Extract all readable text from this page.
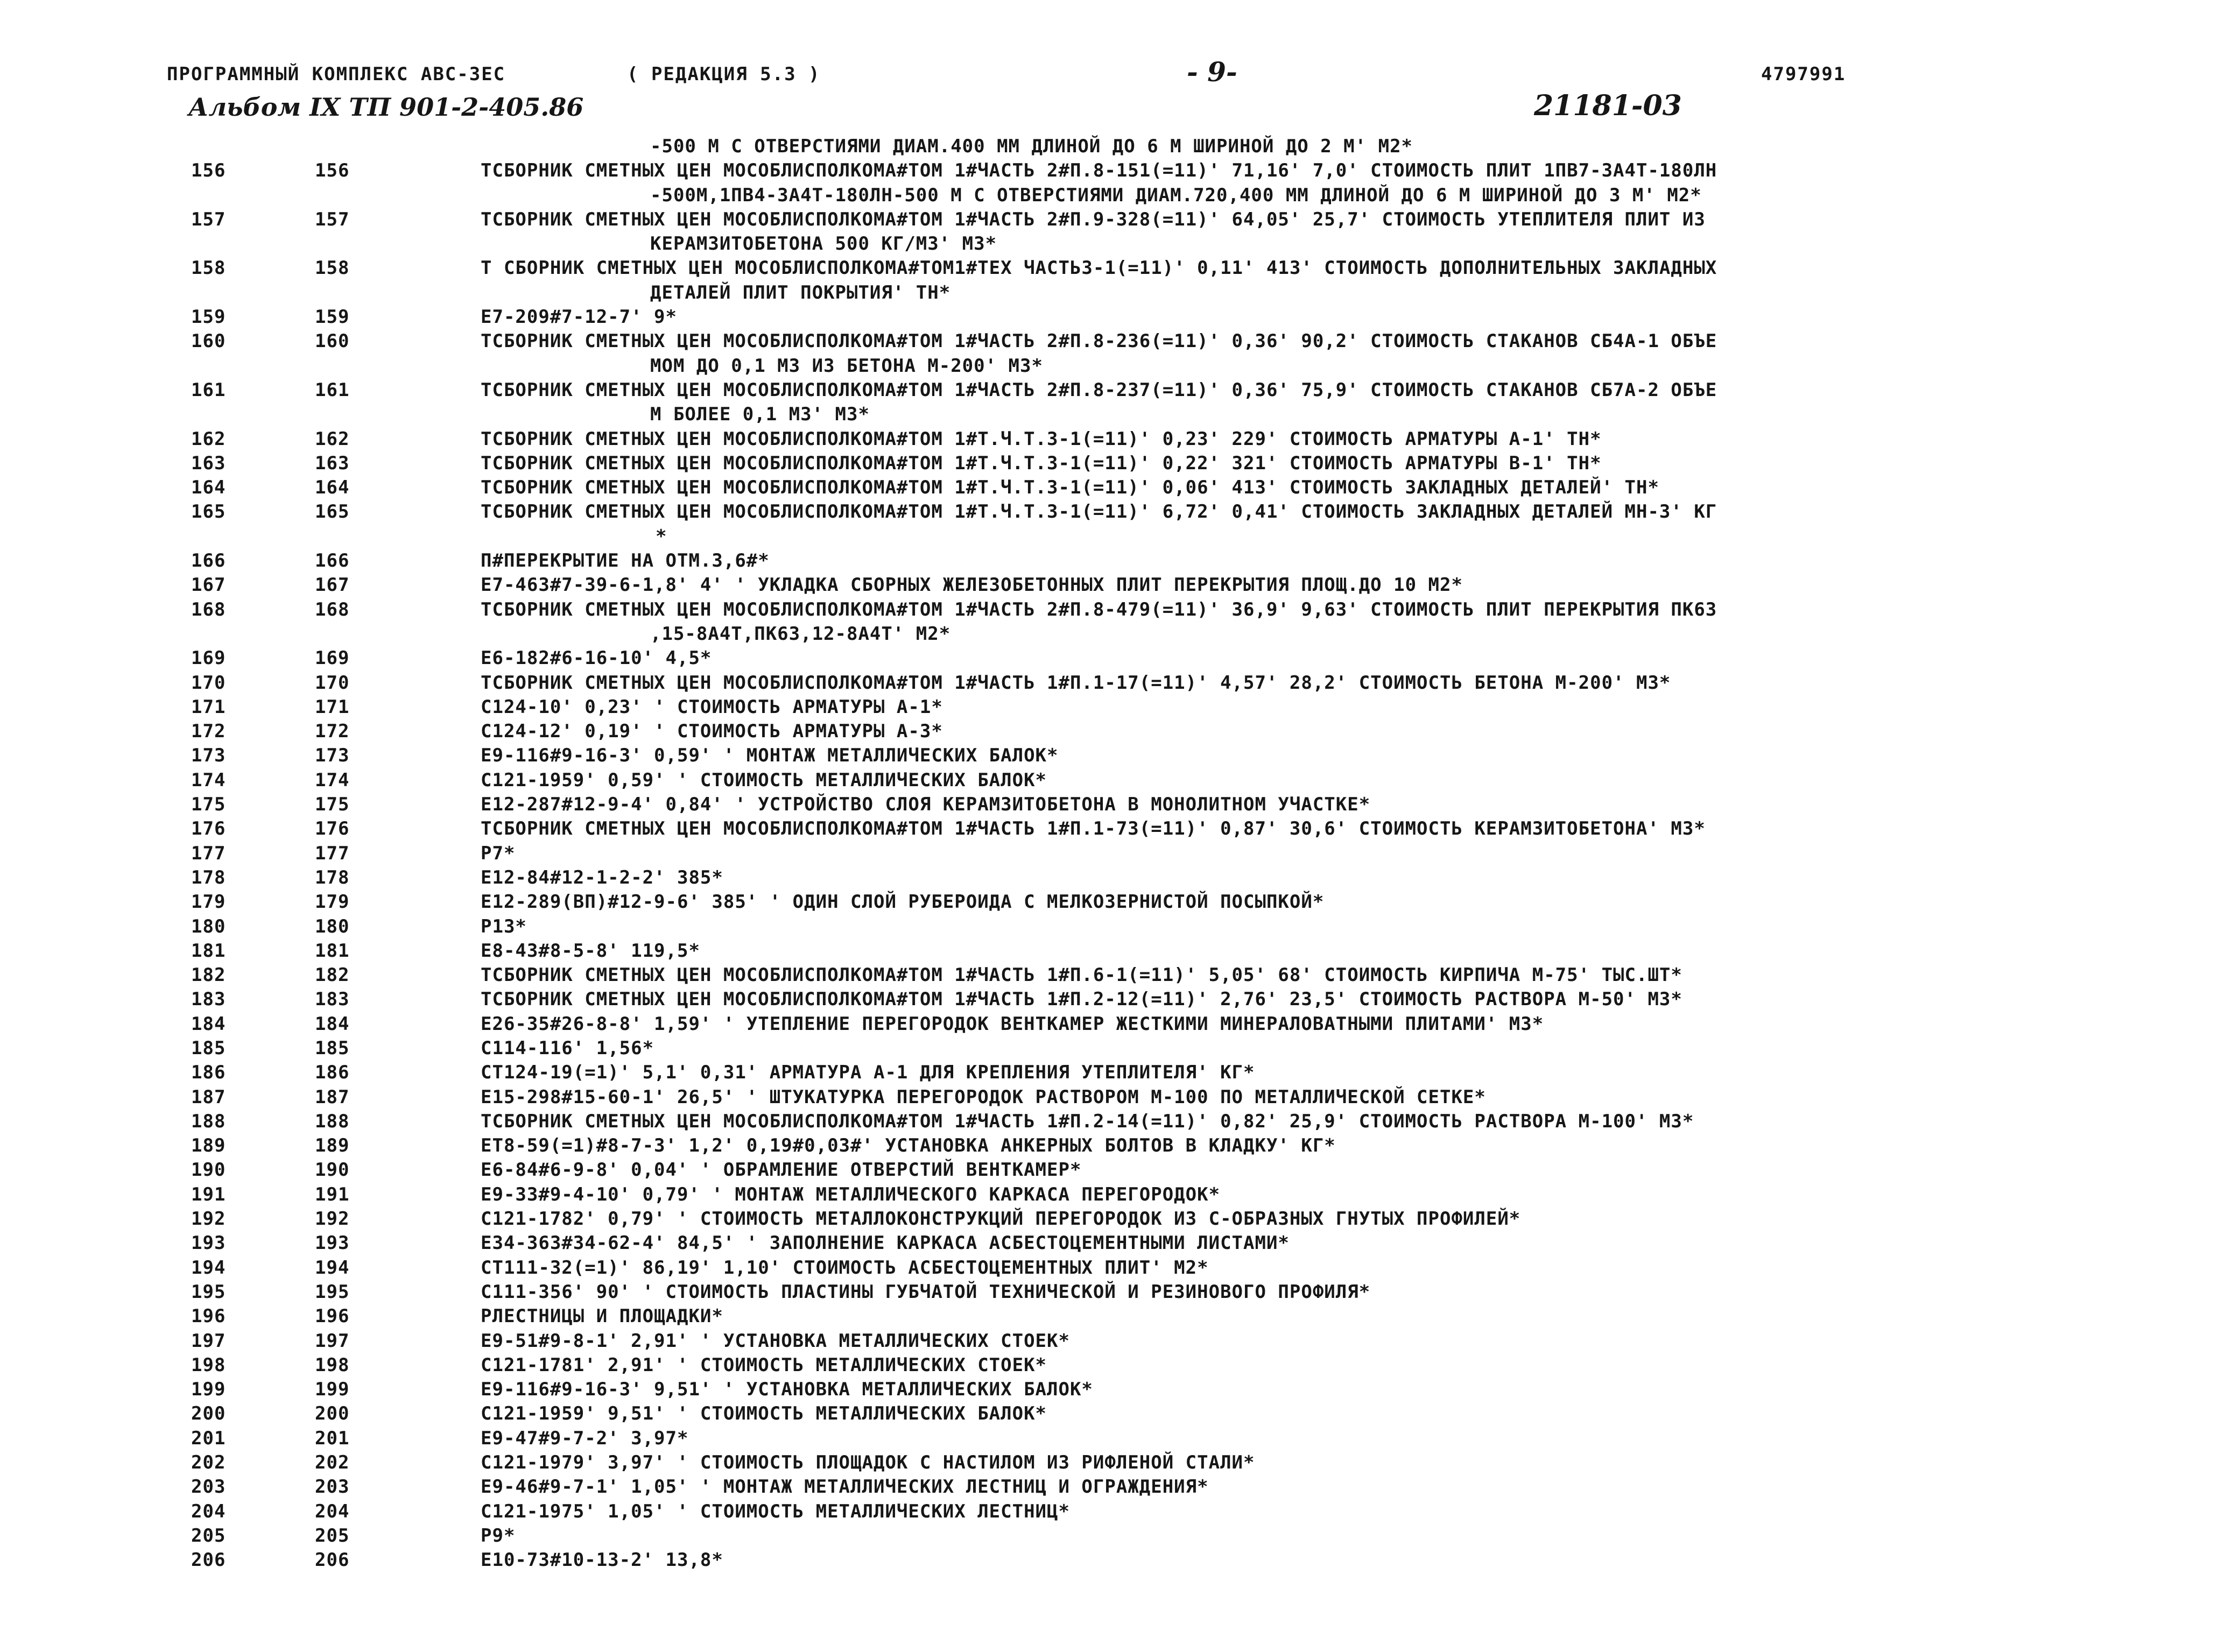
ПРОГРАММНЫЙ КОМПЛЕКС АВС-3ЕС	( РЕДАКЦИЯ 5.3 )	- 9-	4797991
Альбом IX ТП 901-2-405.86	21181-03
-500 М С ОТВЕРСТИЯМИ ДИАМ.400 ММ ДЛИНОЙ ДО 6 М ШИРИНОЙ ДО 2 М' М2*
156	156	ТСБОРНИК СМЕТНЫХ ЦЕН МОСОБЛИСПОЛКОМА#ТОМ 1#ЧАСТЬ 2#П.8-151(=11)' 71,16' 7,0' СТОИМОСТЬ ПЛИТ 1ПВ7-3А4Т-180ЛН
-500М,1ПВ4-3А4Т-180ЛН-500 М С ОТВЕРСТИЯМИ ДИАМ.720,400 ММ ДЛИНОЙ ДО 6 М ШИРИНОЙ ДО 3 М' М2*
157	157	ТСБОРНИК СМЕТНЫХ ЦЕН МОСОБЛИСПОЛКОМА#ТОМ 1#ЧАСТЬ 2#П.9-328(=11)' 64,05' 25,7' СТОИМОСТЬ УТЕПЛИТЕЛЯ ПЛИТ ИЗ
КЕРАМЗИТОБЕТОНА 500 КГ/М3' М3*
158	158	Т СБОРНИК СМЕТНЫХ ЦЕН МОСОБЛИСПОЛКОМА#ТОМ1#ТЕХ ЧАСТЬ3-1(=11)' 0,11' 413' СТОИМОСТЬ ДОПОЛНИТЕЛЬНЫХ ЗАКЛАДНЫХ
ДЕТАЛЕЙ ПЛИТ ПОКРЫТИЯ' ТН*
159	159	Е7-209#7-12-7' 9*
160	160	ТСБОРНИК СМЕТНЫХ ЦЕН МОСОБЛИСПОЛКОМА#ТОМ 1#ЧАСТЬ 2#П.8-236(=11)' 0,36' 90,2' СТОИМОСТЬ СТАКАНОВ СБ4А-1 ОБЪЕ
МОМ ДО 0,1 М3 ИЗ БЕТОНА М-200' М3*
161	161	ТСБОРНИК СМЕТНЫХ ЦЕН МОСОБЛИСПОЛКОМА#ТОМ 1#ЧАСТЬ 2#П.8-237(=11)' 0,36' 75,9' СТОИМОСТЬ СТАКАНОВ СБ7А-2 ОБЪЕ
М БОЛЕЕ 0,1 М3' М3*
162	162	ТСБОРНИК СМЕТНЫХ ЦЕН МОСОБЛИСПОЛКОМА#ТОМ 1#Т.Ч.Т.3-1(=11)' 0,23' 229' СТОИМОСТЬ АРМАТУРЫ А-1' ТН*
163	163	ТСБОРНИК СМЕТНЫХ ЦЕН МОСОБЛИСПОЛКОМА#ТОМ 1#Т.Ч.Т.3-1(=11)' 0,22' 321' СТОИМОСТЬ АРМАТУРЫ В-1' ТН*
164	164	ТСБОРНИК СМЕТНЫХ ЦЕН МОСОБЛИСПОЛКОМА#ТОМ 1#Т.Ч.Т.3-1(=11)' 0,06' 413' СТОИМОСТЬ ЗАКЛАДНЫХ ДЕТАЛЕЙ' ТН*
165	165	ТСБОРНИК СМЕТНЫХ ЦЕН МОСОБЛИСПОЛКОМА#ТОМ 1#Т.Ч.Т.3-1(=11)' 6,72' 0,41' СТОИМОСТЬ ЗАКЛАДНЫХ ДЕТАЛЕЙ МН-3' КГ
*
166	166	П#ПЕРЕКРЫТИЕ НА ОТМ.3,6#*
167	167	Е7-463#7-39-6-1,8' 4' ' УКЛАДКА СБОРНЫХ ЖЕЛЕЗОБЕТОННЫХ ПЛИТ ПЕРЕКРЫТИЯ ПЛОЩ.ДО 10 М2*
168	168	ТСБОРНИК СМЕТНЫХ ЦЕН МОСОБЛИСПОЛКОМА#ТОМ 1#ЧАСТЬ 2#П.8-479(=11)' 36,9' 9,63' СТОИМОСТЬ ПЛИТ ПЕРЕКРЫТИЯ ПК63
,15-8А4Т,ПК63,12-8А4Т' М2*
169	169	Е6-182#6-16-10' 4,5*
170	170	ТСБОРНИК СМЕТНЫХ ЦЕН МОСОБЛИСПОЛКОМА#ТОМ 1#ЧАСТЬ 1#П.1-17(=11)' 4,57' 28,2' СТОИМОСТЬ БЕТОНА М-200' М3*
171	171	С124-10' 0,23' ' СТОИМОСТЬ АРМАТУРЫ А-1*
172	172	С124-12' 0,19' ' СТОИМОСТЬ АРМАТУРЫ А-3*
173	173	Е9-116#9-16-3' 0,59' ' МОНТАЖ МЕТАЛЛИЧЕСКИХ БАЛОК*
174	174	С121-1959' 0,59' ' СТОИМОСТЬ МЕТАЛЛИЧЕСКИХ БАЛОК*
175	175	Е12-287#12-9-4' 0,84' ' УСТРОЙСТВО СЛОЯ КЕРАМЗИТОБЕТОНА В МОНОЛИТНОМ УЧАСТКЕ*
176	176	ТСБОРНИК СМЕТНЫХ ЦЕН МОСОБЛИСПОЛКОМА#ТОМ 1#ЧАСТЬ 1#П.1-73(=11)' 0,87' 30,6' СТОИМОСТЬ КЕРАМЗИТОБЕТОНА' М3*
177	177	Р7*
178	178	Е12-84#12-1-2-2' 385*
179	179	Е12-289(ВП)#12-9-6' 385' ' ОДИН СЛОЙ РУБЕРОИДА С МЕЛКОЗЕРНИСТОЙ ПОСЫПКОЙ*
180	180	Р13*
181	181	Е8-43#8-5-8' 119,5*
182	182	ТСБОРНИК СМЕТНЫХ ЦЕН МОСОБЛИСПОЛКОМА#ТОМ 1#ЧАСТЬ 1#П.6-1(=11)' 5,05' 68' СТОИМОСТЬ КИРПИЧА М-75' ТЫС.ШТ*
183	183	ТСБОРНИК СМЕТНЫХ ЦЕН МОСОБЛИСПОЛКОМА#ТОМ 1#ЧАСТЬ 1#П.2-12(=11)' 2,76' 23,5' СТОИМОСТЬ РАСТВОРА М-50' М3*
184	184	Е26-35#26-8-8' 1,59' ' УТЕПЛЕНИЕ ПЕРЕГОРОДОК ВЕНТКАМЕР ЖЕСТКИМИ МИНЕРАЛОВАТНЫМИ ПЛИТАМИ' М3*
185	185	С114-116' 1,56*
186	186	СТ124-19(=1)' 5,1' 0,31' АРМАТУРА А-1 ДЛЯ КРЕПЛЕНИЯ УТЕПЛИТЕЛЯ' КГ*
187	187	Е15-298#15-60-1' 26,5' ' ШТУКАТУРКА ПЕРЕГОРОДОК РАСТВОРОМ М-100 ПО МЕТАЛЛИЧЕСКОЙ СЕТКЕ*
188	188	ТСБОРНИК СМЕТНЫХ ЦЕН МОСОБЛИСПОЛКОМА#ТОМ 1#ЧАСТЬ 1#П.2-14(=11)' 0,82' 25,9' СТОИМОСТЬ РАСТВОРА М-100' М3*
189	189	ЕТ8-59(=1)#8-7-3' 1,2' 0,19#0,03#' УСТАНОВКА АНКЕРНЫХ БОЛТОВ В КЛАДКУ' КГ*
190	190	Е6-84#6-9-8' 0,04' ' ОБРАМЛЕНИЕ ОТВЕРСТИЙ ВЕНТКАМЕР*
191	191	Е9-33#9-4-10' 0,79' ' МОНТАЖ МЕТАЛЛИЧЕСКОГО КАРКАСА ПЕРЕГОРОДОК*
192	192	С121-1782' 0,79' ' СТОИМОСТЬ МЕТАЛЛОКОНСТРУКЦИЙ ПЕРЕГОРОДОК ИЗ С-ОБРАЗНЫХ ГНУТЫХ ПРОФИЛЕЙ*
193	193	Е34-363#34-62-4' 84,5' ' ЗАПОЛНЕНИЕ КАРКАСА АСБЕСТОЦЕМЕНТНЫМИ ЛИСТАМИ*
194	194	СТ111-32(=1)' 86,19' 1,10' СТОИМОСТЬ АСБЕСТОЦЕМЕНТНЫХ ПЛИТ' М2*
195	195	С111-356' 90' ' СТОИМОСТЬ ПЛАСТИНЫ ГУБЧАТОЙ ТЕХНИЧЕСКОЙ И РЕЗИНОВОГО ПРОФИЛЯ*
196	196	РЛЕСТНИЦЫ И ПЛОЩАДКИ*
197	197	Е9-51#9-8-1' 2,91' ' УСТАНОВКА МЕТАЛЛИЧЕСКИХ СТОЕК*
198	198	С121-1781' 2,91' ' СТОИМОСТЬ МЕТАЛЛИЧЕСКИХ СТОЕК*
199	199	Е9-116#9-16-3' 9,51' ' УСТАНОВКА МЕТАЛЛИЧЕСКИХ БАЛОК*
200	200	С121-1959' 9,51' ' СТОИМОСТЬ МЕТАЛЛИЧЕСКИХ БАЛОК*
201	201	Е9-47#9-7-2' 3,97*
202	202	С121-1979' 3,97' ' СТОИМОСТЬ ПЛОЩАДОК С НАСТИЛОМ ИЗ РИФЛЕНОЙ СТАЛИ*
203	203	Е9-46#9-7-1' 1,05' ' МОНТАЖ МЕТАЛЛИЧЕСКИХ ЛЕСТНИЦ И ОГРАЖДЕНИЯ*
204	204	С121-1975' 1,05' ' СТОИМОСТЬ МЕТАЛЛИЧЕСКИХ ЛЕСТНИЦ*
205	205	Р9*
206	206	Е10-73#10-13-2' 13,8*
